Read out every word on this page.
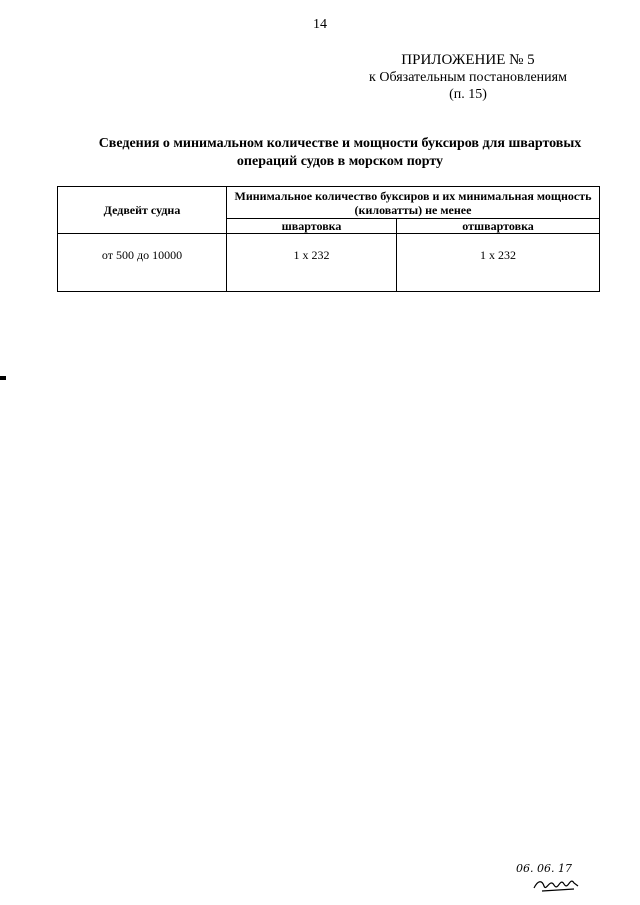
14
ПРИЛОЖЕНИЕ № 5
к Обязательным постановлениям
(п. 15)
Сведения о минимальном количестве и мощности буксиров для швартовых
операций судов в морском порту
Дедвейт судна	Минимальное количество буксиров и их минимальная мощность (киловатты) не менее	
	швартовка	отшвартовка
от 500 до 10000	1 x 232	1 x 232
06. 06. 17
